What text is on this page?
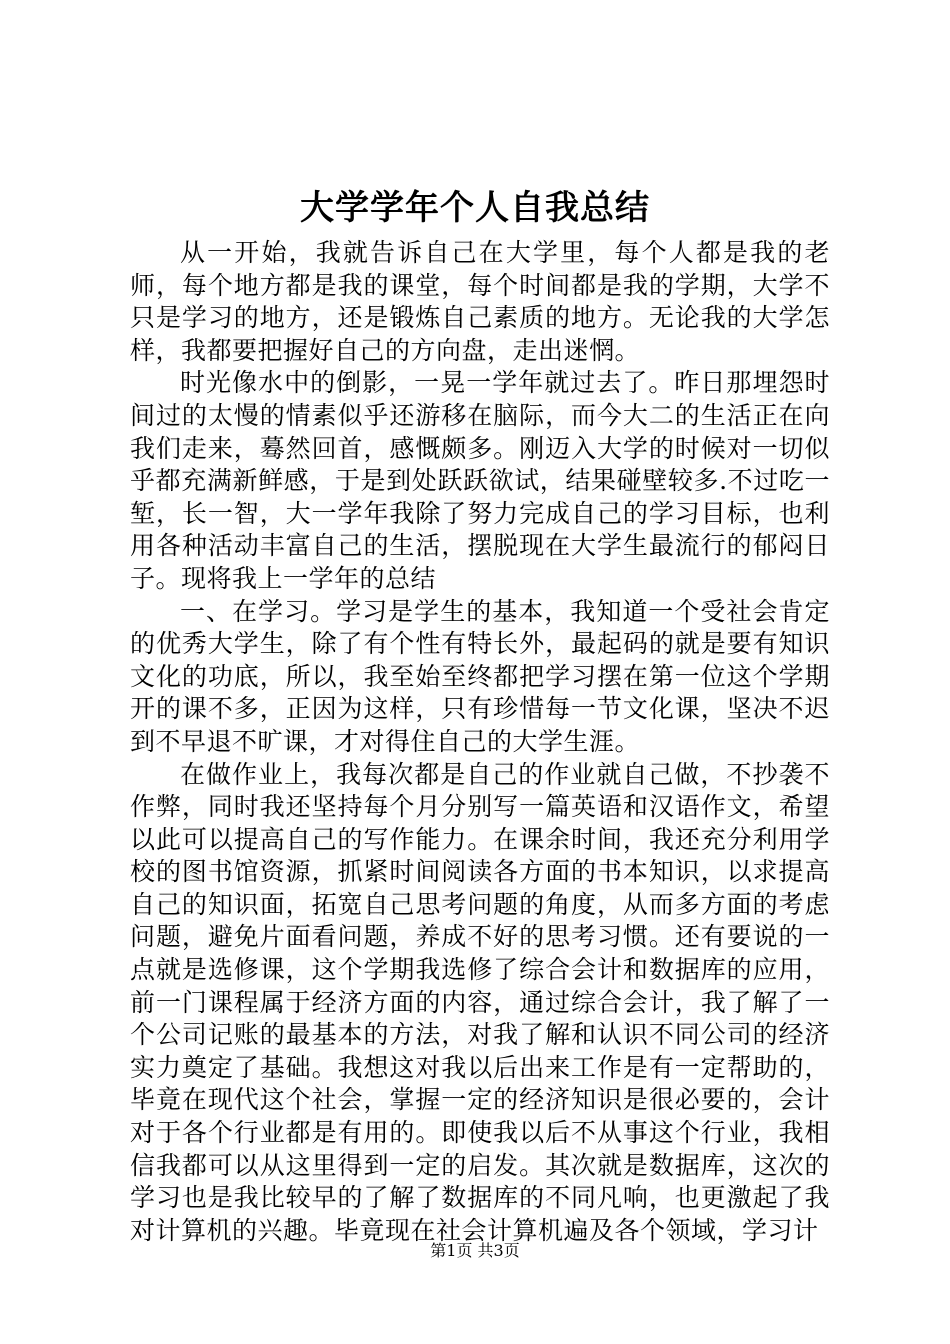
大学学年个人自我总结

从一开始，我就告诉自己在大学里，每个人都是我的老师，每个地方都是我的课堂，每个时间都是我的学期，大学不只是学习的地方，还是锻炼自己素质的地方。无论我的大学怎样，我都要把握好自己的方向盘，走出迷惘。

时光像水中的倒影，一晃一学年就过去了。昨日那埋怨时间过的太慢的情素似乎还游移在脑际，而今大二的生活正在向我们走来，蓦然回首，感慨颇多。刚迈入大学的时候对一切似乎都充满新鲜感，于是到处跃跃欲试，结果碰壁较多.不过吃一堑，长一智，大一学年我除了努力完成自己的学习目标，也利用各种活动丰富自己的生活，摆脱现在大学生最流行的郁闷日子。现将我上一学年的总结

一、在学习。学习是学生的基本，我知道一个受社会肯定的优秀大学生，除了有个性有特长外，最起码的就是要有知识文化的功底，所以，我至始至终都把学习摆在第一位这个学期开的课不多，正因为这样，只有珍惜每一节文化课，坚决不迟到不早退不旷课，才对得住自己的大学生涯。

在做作业上，我每次都是自己的作业就自己做，不抄袭不作弊，同时我还坚持每个月分别写一篇英语和汉语作文，希望以此可以提高自己的写作能力。在课余时间，我还充分利用学校的图书馆资源，抓紧时间阅读各方面的书本知识，以求提高自己的知识面，拓宽自己思考问题的角度，从而多方面的考虑问题，避免片面看问题，养成不好的思考习惯。还有要说的一点就是选修课，这个学期我选修了综合会计和数据库的应用，前一门课程属于经济方面的内容，通过综合会计，我了解了一个公司记账的最基本的方法，对我了解和认识不同公司的经济实力奠定了基础。我想这对我以后出来工作是有一定帮助的，毕竟在现代这个社会，掌握一定的经济知识是很必要的，会计对于各个行业都是有用的。即使我以后不从事这个行业，我相信我都可以从这里得到一定的启发。其次就是数据库，这次的学习也是我比较早的了解了数据库的不同凡响，也更激起了我对计算机的兴趣。毕竟现在社会计算机遍及各个领域，学习计

第1页 共3页
